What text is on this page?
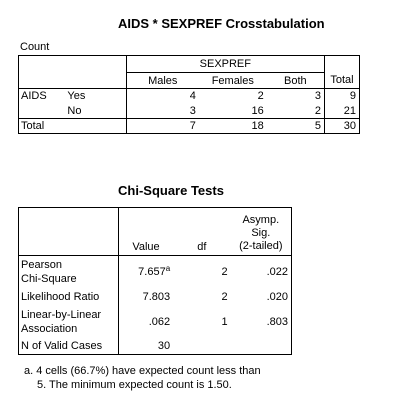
AIDS * SEXPREF Crosstabulation
Count
		SEXPREF			
		Males	Females	Both	Total
AIDS	Yes	4	2	3	9
	No	3	16	2	21
Total		7	18	5	30
Chi-Square Tests
	Value	df	Asymp.
Sig.
(2-tailed)

Pearson
Chi-Square	7.657$^a$	2	.022
Likelihood Ratio	7.803	2	.020

Linear-by-Linear
Association	.062	1	.803
N of Valid Cases	30		
a. 4 cells (66.7%) have expected count less than
5. The minimum expected count is 1.50.
